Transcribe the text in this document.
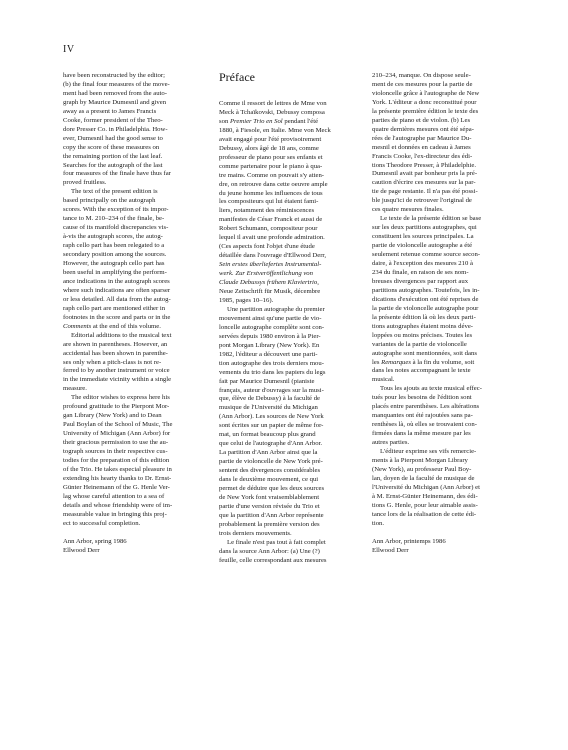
IV

have been reconstructed by the editor;
(b) the final four measures of the move-
ment had been removed from the auto-
graph by Maurice Dumesnil and given
away as a present to James Francis
Cooke, former president of the Theo-
dore Presser Co. in Philadelphia. How-
ever, Dumesnil had the good sense to
copy the score of these measures on
the remaining portion of the last leaf.
Searches for the autograph of the last
four measures of the finale have thus far
proved fruitless.

The text of the present edition is
based principally on the autograph
scores. With the exception of its impor-
tance to M. 210–234 of the finale, be-
cause of its manifold discrepancies vis-
à-vis the autograph scores, the autog-
raph cello part has been relegated to a
secondary position among the sources.
However, the autograph cello part has
been useful in amplifying the perform-
ance indications in the autograph scores
where such indications are often sparser
or less detailed. All data from the autog-
raph cello part are mentioned either in
footnotes in the score and parts or in the
Comments at the end of this volume.

Editorial additions to the musical text
are shown in parentheses. However, an
accidental has been shown in parenthe-
ses only when a pitch-class is not re-
ferred to by another instrument or voice
in the immediate vicinity within a single
measure.

The editor wishes to express here his
profound gratitude to the Pierpont Mor-
gan Library (New York) and to Dean
Paul Boylan of the School of Music, The
University of Michigan (Ann Arbor) for
their gracious permission to use the au-
tograph sources in their respective cus-
todies for the preparation of this edition
of the Trio. He takes especial pleasure in
extending his hearty thanks to Dr. Ernst-
Günter Heinemann of the G. Henle Ver-
lag whose careful attention to a sea of
details and whose friendship were of im-
measurable value in bringing this proj-
ect to successful completion.

Ann Arbor, spring 1986
Ellwood Derr

Préface

Comme il ressort de lettres de Mme von
Meck à Tchaïkovski, Debussy composa
son Premier Trio en Sol pendant l'été
1880, à Fiesole, en Italie. Mme von Meck
avait engagé pour l'été provisoirement
Debussy, alors âgé de 18 ans, comme
professeur de piano pour ses enfants et
comme partenaire pour le piano à qua-
tre mains. Comme on pouvait s'y atten-
dre, on retrouve dans cette oeuvre ample
du jeune homme les influences de tous
les compositeurs qui lui étaient fami-
liers, notamment des réminiscences
manifestes de César Franck et aussi de
Robert Schumann, compositeur pour
lequel il avait une profonde admiration.
(Ces aspects font l'objet d'une étude
détaillée dans l'ouvrage d'Ellwood Derr,
Sein erstes überliefertes Instrumental-
werk. Zur Erstveröffentlichung von
Claude Debussys frühem Klaviertrio,
Neue Zeitschrift für Musik, décembre
1985, pages 10–16).

Une partition autographe du premier
mouvement ainsi qu'une partie de vio-
loncelle autographe complète sont con-
servées depuis 1980 environ à la Pier-
pont Morgan Library (New York). En
1982, l'éditeur a découvert une parti-
tion autographe des trois derniers mou-
vements du trio dans les papiers du legs
fait par Maurice Dumesnil (pianiste
français, auteur d'ouvrages sur la musi-
que, élève de Debussy) à la faculté de
musique de l'Université du Michigan
(Ann Arbor). Les sources de New York
sont écrites sur un papier de même for-
mat, un format beaucoup plus grand
que celui de l'autographe d'Ann Arbor.
La partition d'Ann Arbor ainsi que la
partie de violoncelle de New York pré-
sentent des divergences considérables
dans le deuxième mouvement, ce qui
permet de déduire que les deux sources
de New York font vraisemblablement
partie d'une version révisée du Trio et
que la partition d'Ann Arbor représente
probablement la première version des
trois derniers mouvements.

Le finale n'est pas tout à fait complet
dans la source Ann Arbor: (a) Une (?)
feuille, celle correspondant aux mesures

210–234, manque. On dispose seule-
ment de ces mesures pour la partie de
violoncelle grâce à l'autographe de New
York. L'éditeur a donc reconstitué pour
la présente première édition le texte des
parties de piano et de violon. (b) Les
quatre dernières mesures ont été sépa-
rées de l'autographe par Maurice Du-
mesnil et données en cadeau à James
Francis Cooke, l'ex-directeur des édi-
tions Theodore Presser, à Philadelphie.
Dumesnil avait par bonheur pris la pré-
caution d'écrire ces mesures sur la par-
tie de page restante. Il n'a pas été possi-
ble jusqu'ici de retrouver l'original de
ces quatre mesures finales.

Le texte de la présente édition se base
sur les deux partitions autographes, qui
constituent les sources principales. La
partie de violoncelle autographe a été
seulement retenue comme source secon-
daire, à l'exception des mesures 210 à
234 du finale, en raison de ses nom-
breuses divergences par rapport aux
partitions autographes. Toutefois, les in-
dications d'exécution ont été reprises de
la partie de violoncelle autographe pour
la présente édition là où les deux parti-
tions autographes étaient moins déve-
loppées ou moins précises. Toutes les
variantes de la partie de violoncelle
autographe sont mentionnées, soit dans
les Remarques à la fin du volume, soit
dans les notes accompagnant le texte
musical.

Tous les ajouts au texte musical effec-
tués pour les besoins de l'édition sont
placés entre parenthèses. Les altérations
manquantes ont été rajoutées sans pa-
renthèses là, où elles se trouvaient con-
firmées dans la même mesure par les
autres parties.

L'éditeur exprime ses vifs remercie-
ments à la Pierpont Morgan Library
(New York), au professeur Paul Boy-
lan, doyen de la faculté de musique de
l'Université du Michigan (Ann Arbor) et
à M. Ernst-Günter Heinemann, des édi-
tions G. Henle, pour leur aimable assis-
tance lors de la réalisation de cette édi-
tion.

Ann Arbor, printemps 1986
Ellwood Derr
